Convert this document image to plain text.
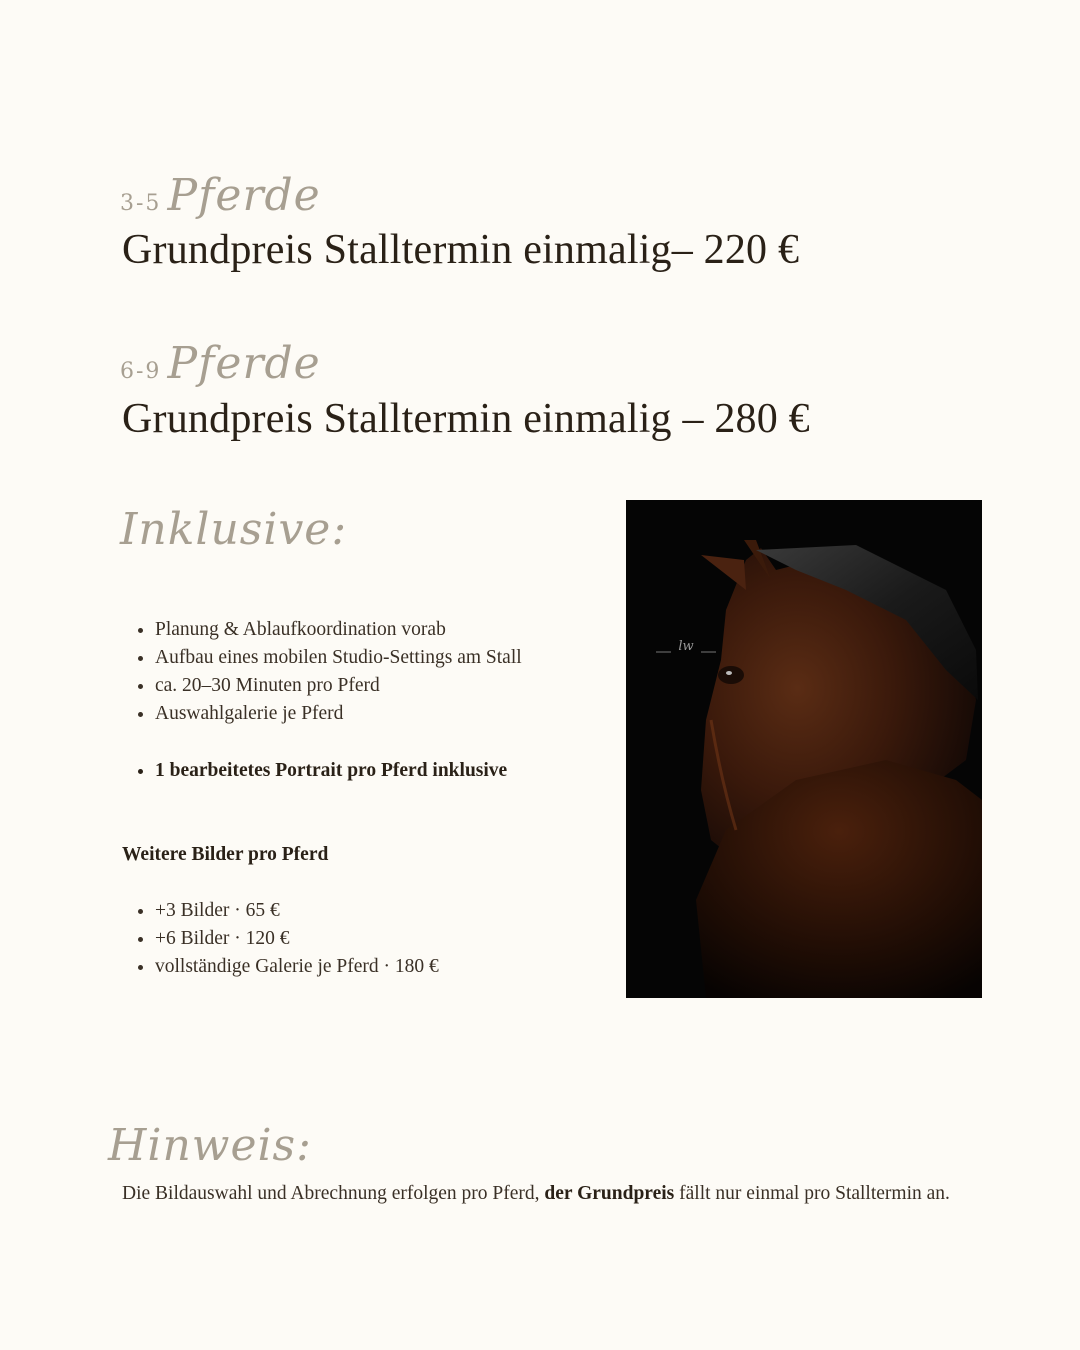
3-5 Pferde
Grundpreis Stalltermin einmalig– 220 €
6-9 Pferde
Grundpreis Stalltermin einmalig – 280 €
Inklusive:
• Planung & Ablaufkoordination vorab
• Aufbau eines mobilen Studio-Settings am Stall
• ca. 20–30 Minuten pro Pferd
• Auswahlgalerie je Pferd
• 1 bearbeitetes Portrait pro Pferd inklusive
Weitere Bilder pro Pferd
• +3 Bilder · 65 €
• +6 Bilder · 120 €
• vollständige Galerie je Pferd · 180 €
lw
Hinweis:
Die Bildauswahl und Abrechnung erfolgen pro Pferd, der Grundpreis fällt nur einmal pro Stalltermin an.
